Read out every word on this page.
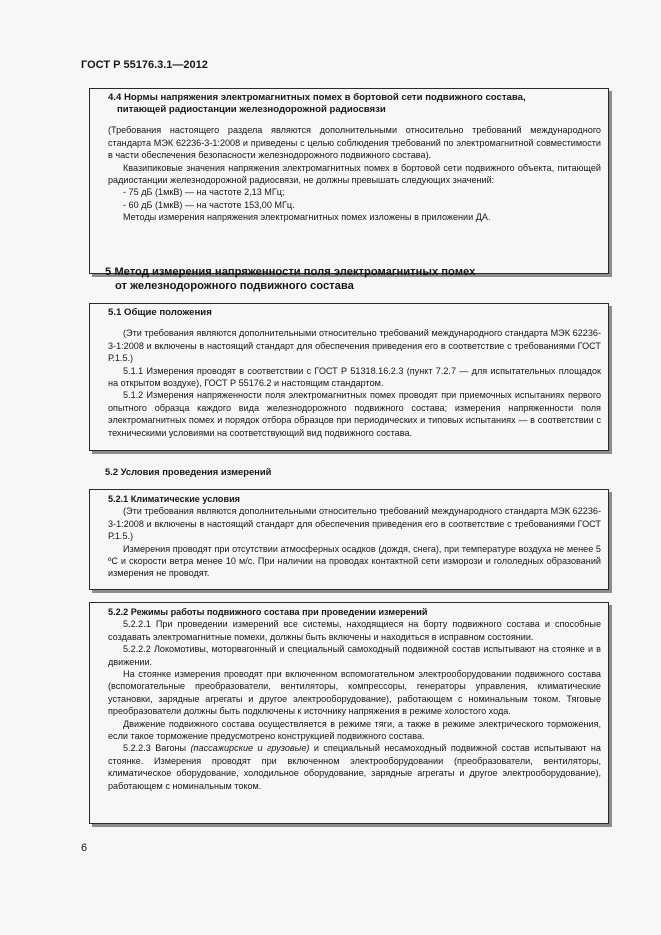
ГОСТ Р 55176.3.1—2012

4.4 Нормы напряжения электромагнитных помех в бортовой сети подвижного состава,

питающей радиостанции железнодорожной радиосвязи

(Требования настоящего раздела являются дополнительными относительно требований международного стандарта МЭК 62236-3-1:2008 и приведены с целью соблюдения требований по электромагнитной совместимости в части обеспечения безопасности железнодорожного подвижного состава).

Квазипиковые значения напряжения электромагнитных помех в бортовой сети подвижного объекта, питающей радиостанции железнодорожной радиосвязи, не должны превышать следующих значений:

- 75 дБ (1мкВ) — на частоте 2,13 МГц;

- 60 дБ (1мкВ) — на частоте 153,00 МГц.

Методы измерения напряжения электромагнитных помех изложены в приложении ДА.

5 Метод измерения напряженности поля электромагнитных помех
от железнодорожного подвижного состава

5.1 Общие положения

(Эти требования являются дополнительными относительно требований международного стандарта МЭК 62236-3-1:2008 и включены в настоящий стандарт для обеспечения приведения его в соответствие с требованиями ГОСТ Р.1.5.)

5.1.1 Измерения проводят в соответствии с ГОСТ Р 51318.16.2.3 (пункт 7.2.7 — для испытательных площадок на открытом воздухе), ГОСТ Р 55176.2 и настоящим стандартом.

5.1.2 Измерения напряженности поля электромагнитных помех проводят при приемочных испытаниях первого опытного образца каждого вида железнодорожного подвижного состава; измерения напряженности поля электромагнитных помех и порядок отбора образцов при периодических и типовых испытаниях — в соответствии с техническими условиями на соответствующий вид подвижного состава.

5.2 Условия проведения измерений

5.2.1 Климатические условия

(Эти требования являются дополнительными относительно требований международного стандарта МЭК 62236-3-1:2008 и включены в настоящий стандарт для обеспечения приведения его в соответствие с требованиями ГОСТ Р.1.5.)

Измерения проводят при отсутствии атмосферных осадков (дождя, снега), при температуре воздуха не менее 5 ºС и скорости ветра менее 10 м/с. При наличии на проводах контактной сети изморози и гололедных образований измерения не проводят.

5.2.2 Режимы работы подвижного состава при проведении измерений

5.2.2.1 При проведении измерений все системы, находящиеся на борту подвижного состава и способные создавать электромагнитные помехи, должны быть включены и находиться в исправном состоянии.

5.2.2.2 Локомотивы, моторвагонный и специальный самоходный подвижной состав испытывают на стоянке и в движении.

На стоянке измерения проводят при включенном вспомогательном электрооборудовании подвижного состава (вспомогательные преобразователи, вентиляторы, компрессоры, генераторы управления, климатические установки, зарядные агрегаты и другое электрооборудование), работающем с номинальным током. Тяговые преобразователи должны быть подключены к источнику напряжения в режиме холостого хода.

Движение подвижного состава осуществляется в режиме тяги, а также в режиме электрического торможения, если такое торможение предусмотрено конструкцией подвижного состава.

5.2.2.3 Вагоны (пассажирские и грузовые) и специальный несамоходный подвижной состав испытывают на стоянке. Измерения проводят при включенном электрооборудовании (преобразователи, вентиляторы, климатическое оборудование, холодильное оборудование, зарядные агрегаты и другое электрооборудование), работающем с номинальным током.

6
